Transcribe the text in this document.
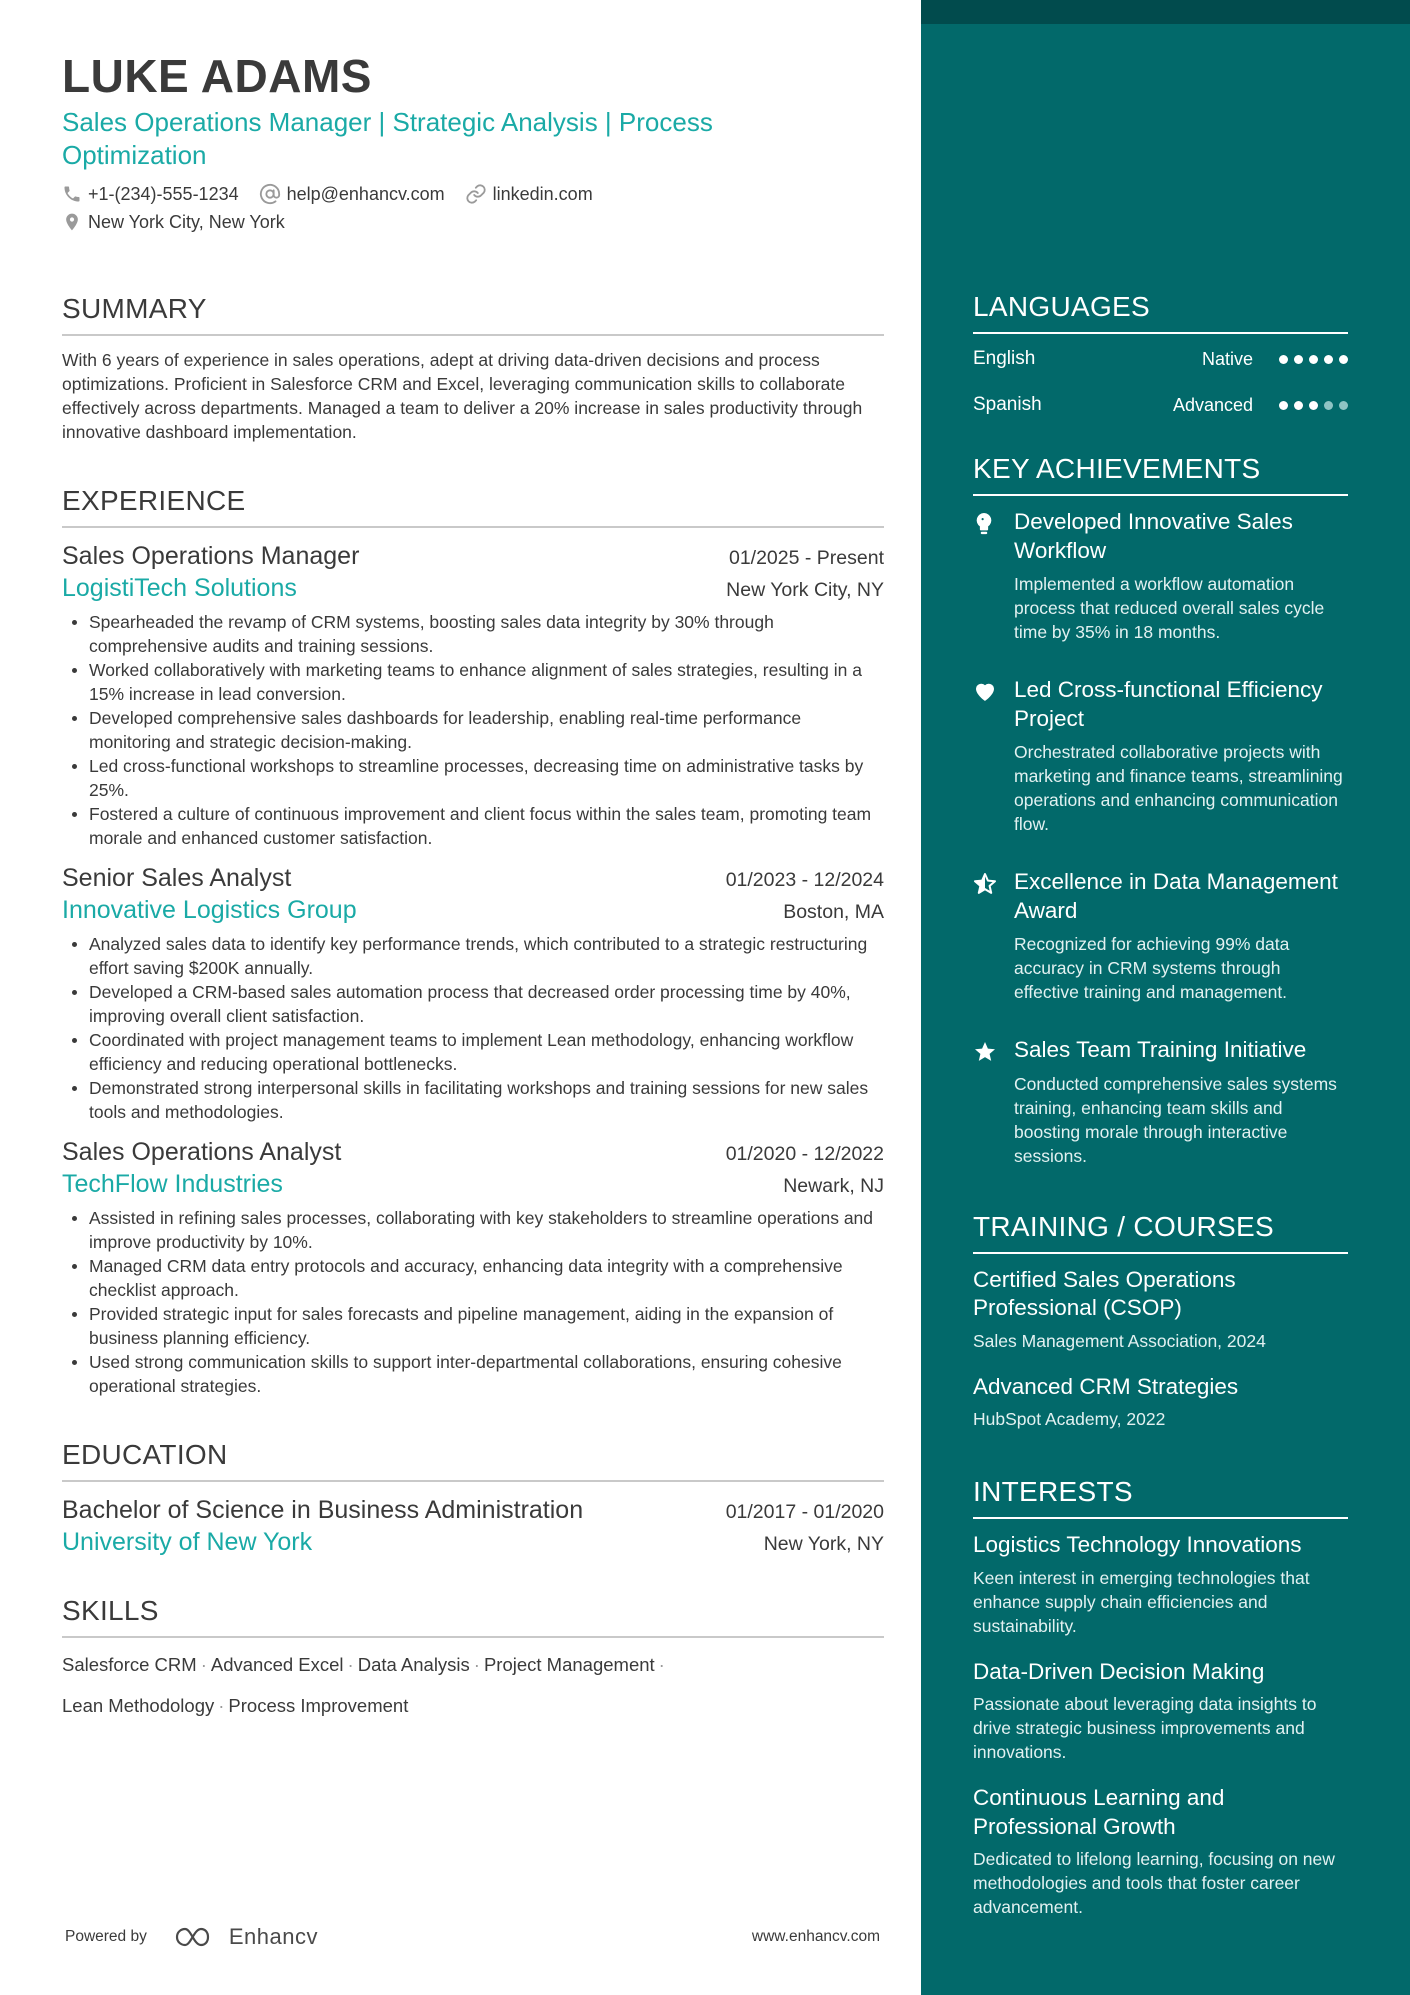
LUKE ADAMS
Sales Operations Manager | Strategic Analysis | Process Optimization
+1-(234)-555-1234	help@enhancv.com	linkedin.com
New York City, New York
SUMMARY
With 6 years of experience in sales operations, adept at driving data-driven decisions and process optimizations. Proficient in Salesforce CRM and Excel, leveraging communication skills to collaborate effectively across departments. Managed a team to deliver a 20% increase in sales productivity through innovative dashboard implementation.
EXPERIENCE
Sales Operations Manager	01/2025 - Present
LogistiTech Solutions	New York City, NY
Spearheaded the revamp of CRM systems, boosting sales data integrity by 30% through comprehensive audits and training sessions.
Worked collaboratively with marketing teams to enhance alignment of sales strategies, resulting in a 15% increase in lead conversion.
Developed comprehensive sales dashboards for leadership, enabling real-time performance monitoring and strategic decision-making.
Led cross-functional workshops to streamline processes, decreasing time on administrative tasks by 25%.
Fostered a culture of continuous improvement and client focus within the sales team, promoting team morale and enhanced customer satisfaction.
Senior Sales Analyst	01/2023 - 12/2024
Innovative Logistics Group	Boston, MA
Analyzed sales data to identify key performance trends, which contributed to a strategic restructuring effort saving $200K annually.
Developed a CRM-based sales automation process that decreased order processing time by 40%, improving overall client satisfaction.
Coordinated with project management teams to implement Lean methodology, enhancing workflow efficiency and reducing operational bottlenecks.
Demonstrated strong interpersonal skills in facilitating workshops and training sessions for new sales tools and methodologies.
Sales Operations Analyst	01/2020 - 12/2022
TechFlow Industries	Newark, NJ
Assisted in refining sales processes, collaborating with key stakeholders to streamline operations and improve productivity by 10%.
Managed CRM data entry protocols and accuracy, enhancing data integrity with a comprehensive checklist approach.
Provided strategic input for sales forecasts and pipeline management, aiding in the expansion of business planning efficiency.
Used strong communication skills to support inter-departmental collaborations, ensuring cohesive operational strategies.
EDUCATION
Bachelor of Science in Business Administration	01/2017 - 01/2020
University of New York	New York, NY
SKILLS
Salesforce CRM · Advanced Excel · Data Analysis · Project Management ·
Lean Methodology · Process Improvement
Powered by	Enhancv	www.enhancv.com
LANGUAGES
English	Native
Spanish	Advanced
KEY ACHIEVEMENTS
Developed Innovative Sales Workflow
Implemented a workflow automation process that reduced overall sales cycle time by 35% in 18 months.
Led Cross-functional Efficiency Project
Orchestrated collaborative projects with marketing and finance teams, streamlining operations and enhancing communication flow.
Excellence in Data Management Award
Recognized for achieving 99% data accuracy in CRM systems through effective training and management.
Sales Team Training Initiative
Conducted comprehensive sales systems training, enhancing team skills and boosting morale through interactive sessions.
TRAINING / COURSES
Certified Sales Operations Professional (CSOP)
Sales Management Association, 2024
Advanced CRM Strategies
HubSpot Academy, 2022
INTERESTS
Logistics Technology Innovations
Keen interest in emerging technologies that enhance supply chain efficiencies and sustainability.
Data-Driven Decision Making
Passionate about leveraging data insights to drive strategic business improvements and innovations.
Continuous Learning and Professional Growth
Dedicated to lifelong learning, focusing on new methodologies and tools that foster career advancement.
